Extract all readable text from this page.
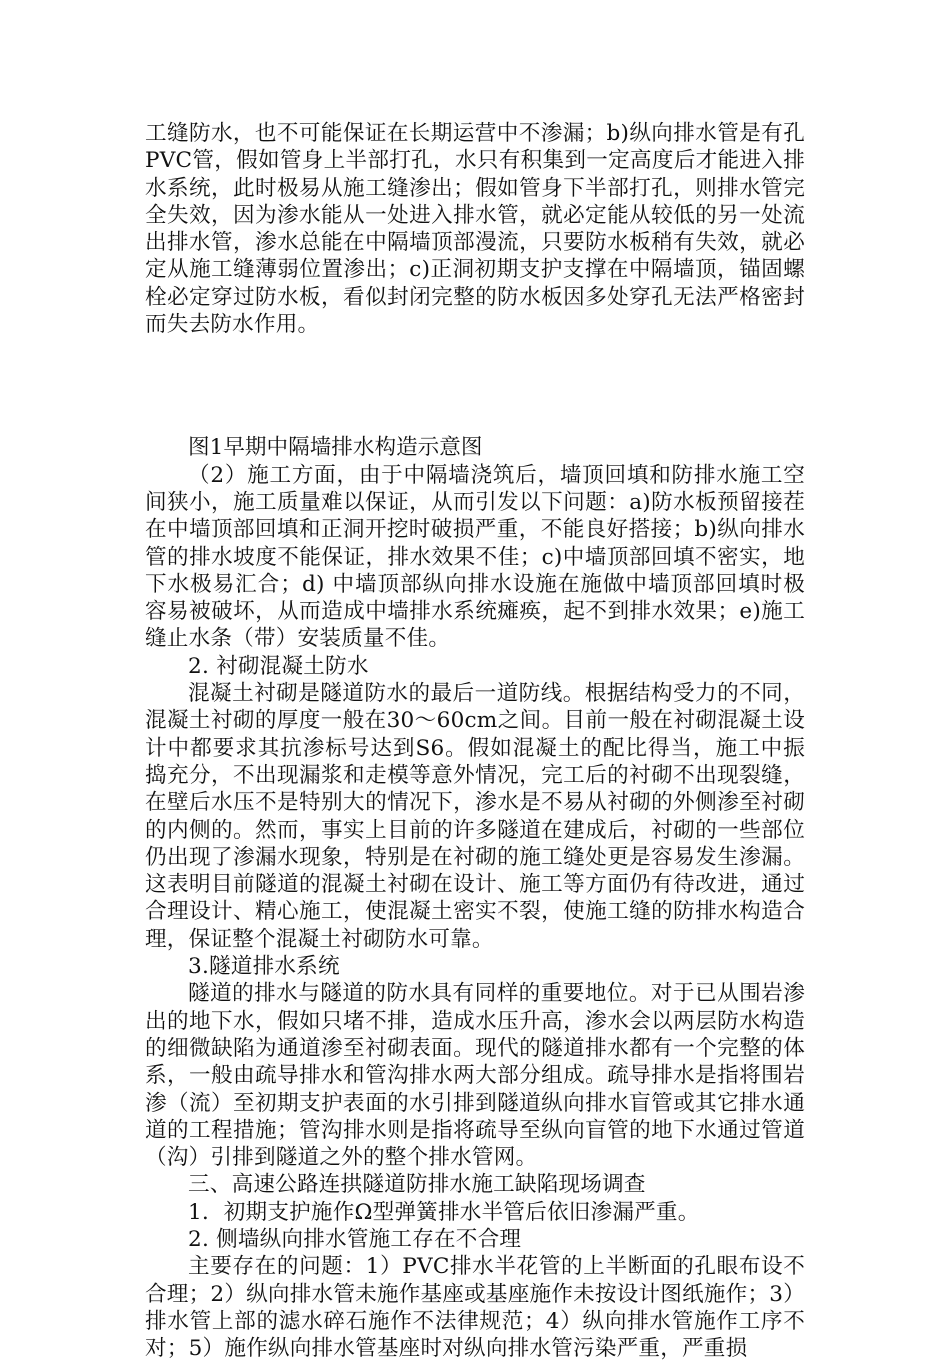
工缝防水，也不可能保证在长期运营中不渗漏；b)纵向排水管是有孔PVC管，假如管身上半部打孔，水只有积集到一定高度后才能进入排水系统，此时极易从施工缝渗出；假如管身下半部打孔，则排水管完全失效，因为渗水能从一处进入排水管，就必定能从较低的另一处流出排水管，渗水总能在中隔墙顶部漫流，只要防水板稍有失效，就必定从施工缝薄弱位置渗出；c)正洞初期支护支撑在中隔墙顶，锚固螺栓必定穿过防水板，看似封闭完整的防水板因多处穿孔无法严格密封而失去防水作用。

图1早期中隔墙排水构造示意图

（2）施工方面，由于中隔墙浇筑后，墙顶回填和防排水施工空间狭小，施工质量难以保证，从而引发以下问题：a)防水板预留接茬在中墙顶部回填和正洞开挖时破损严重，不能良好搭接；b)纵向排水管的排水坡度不能保证，排水效果不佳；c)中墙顶部回填不密实，地下水极易汇合；d) 中墙顶部纵向排水设施在施做中墙顶部回填时极容易被破坏，从而造成中墙排水系统瘫痪，起不到排水效果；e)施工缝止水条（带）安装质量不佳。

2. 衬砌混凝土防水

混凝土衬砌是隧道防水的最后一道防线。根据结构受力的不同，混凝土衬砌的厚度一般在30～60cm之间。目前一般在衬砌混凝土设计中都要求其抗渗标号达到S6。假如混凝土的配比得当，施工中振捣充分，不出现漏浆和走模等意外情况，完工后的衬砌不出现裂缝，在壁后水压不是特别大的情况下，渗水是不易从衬砌的外侧渗至衬砌的内侧的。然而，事实上目前的许多隧道在建成后，衬砌的一些部位仍出现了渗漏水现象，特别是在衬砌的施工缝处更是容易发生渗漏。这表明目前隧道的混凝土衬砌在设计、施工等方面仍有待改进，通过合理设计、精心施工，使混凝土密实不裂，使施工缝的防排水构造合理，保证整个混凝土衬砌防水可靠。

3.隧道排水系统

隧道的排水与隧道的防水具有同样的重要地位。对于已从围岩渗出的地下水，假如只堵不排，造成水压升高，渗水会以两层防水构造的细微缺陷为通道渗至衬砌表面。现代的隧道排水都有一个完整的体系，一般由疏导排水和管沟排水两大部分组成。疏导排水是指将围岩渗（流）至初期支护表面的水引排到隧道纵向排水盲管或其它排水通道的工程措施；管沟排水则是指将疏导至纵向盲管的地下水通过管道（沟）引排到隧道之外的整个排水管网。

三、高速公路连拱隧道防排水施工缺陷现场调查

1．初期支护施作Ω型弹簧排水半管后依旧渗漏严重。

2. 侧墙纵向排水管施工存在不合理

主要存在的问题：1）PVC排水半花管的上半断面的孔眼布设不合理；2）纵向排水管未施作基座或基座施作未按设计图纸施作；3）排水管上部的滤水碎石施作不法律规范；4）纵向排水管施作工序不对；5）施作纵向排水管基座时对纵向排水管污染严重，严重损
